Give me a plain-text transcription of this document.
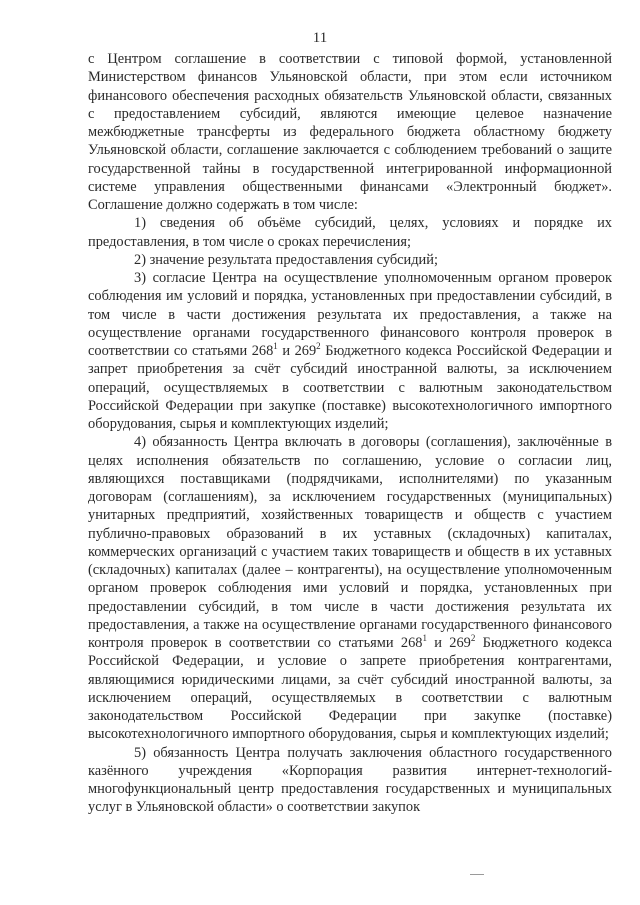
11

с Центром соглашение в соответствии с типовой формой, установленной Министерством финансов Ульяновской области, при этом если источником финансового обеспечения расходных обязательств Ульяновской области, связанных с предоставлением субсидий, являются имеющие целевое назначение межбюджетные трансферты из федерального бюджета областному бюджету Ульяновской области, соглашение заключается с соблюдением требований о защите государственной тайны в государственной интегрированной информационной системе управления общественными финансами «Электронный бюджет». Соглашение должно содержать в том числе:

1) сведения об объёме субсидий, целях, условиях и порядке их предоставления, в том числе о сроках перечисления;

2) значение результата предоставления субсидий;

3) согласие Центра на осуществление уполномоченным органом проверок соблюдения им условий и порядка, установленных при предоставлении субсидий, в том числе в части достижения результата их предоставления, а также на осуществление органами государственного финансового контроля проверок в соответствии со статьями $268^1$ и $269^2$ Бюджетного кодекса Российской Федерации и запрет приобретения за счёт субсидий иностранной валюты, за исключением операций, осуществляемых в соответствии с валютным законодательством Российской Федерации при закупке (поставке) высокотехнологичного импортного оборудования, сырья и комплектующих изделий;

4) обязанность Центра включать в договоры (соглашения), заключённые в целях исполнения обязательств по соглашению, условие о согласии лиц, являющихся поставщиками (подрядчиками, исполнителями) по указанным договорам (соглашениям), за исключением государственных (муниципальных) унитарных предприятий, хозяйственных товариществ и обществ с участием публично-правовых образований в их уставных (складочных) капиталах, коммерческих организаций с участием таких товариществ и обществ в их уставных (складочных) капиталах (далее – контрагенты), на осуществление уполномоченным органом проверок соблюдения ими условий и порядка, установленных при предоставлении субсидий, в том числе в части достижения результата их предоставления, а также на осуществление органами государственного финансового контроля проверок в соответствии со статьями $268^1$ и $269^2$ Бюджетного кодекса Российской Федерации, и условие о запрете приобретения контрагентами, являющимися юридическими лицами, за счёт субсидий иностранной валюты, за исключением операций, осуществляемых в соответствии с валютным законодательством Российской Федерации при закупке (поставке) высокотехнологичного импортного оборудования, сырья и комплектующих изделий;

5) обязанность Центра получать заключения областного государственного казённого учреждения «Корпорация развития интернет-технологий-многофункциональный центр предоставления государственных и муниципальных услуг в Ульяновской области» о соответствии закупок
